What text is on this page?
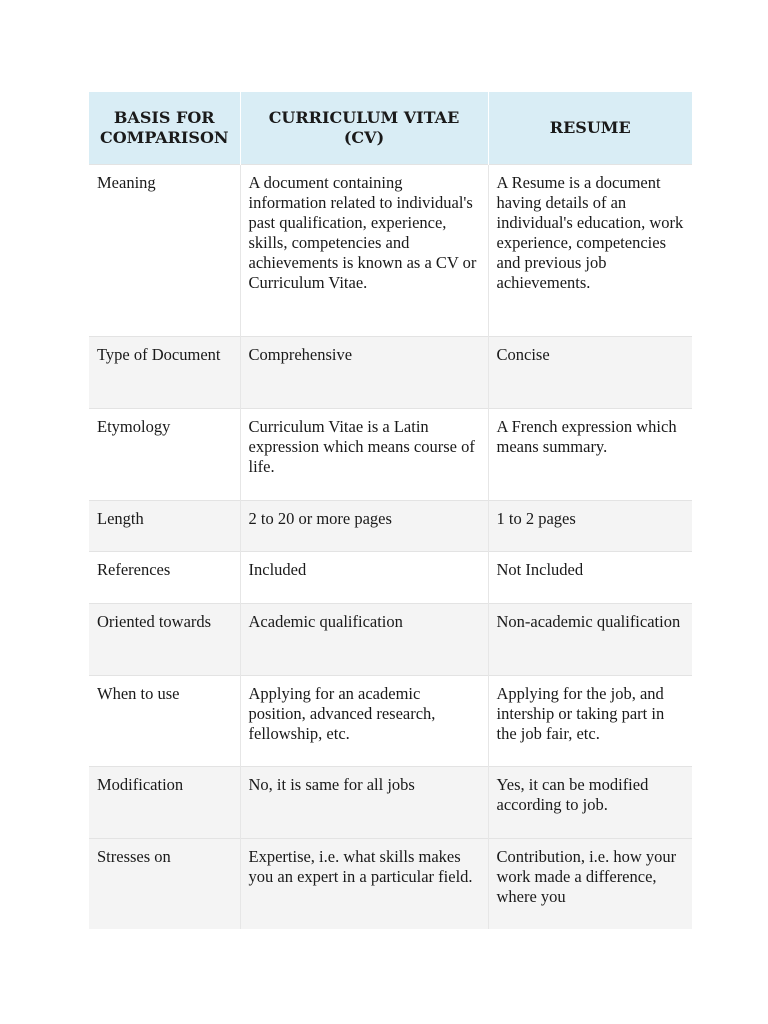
BASIS FOR COMPARISON	CURRICULUM VITAE (CV)	RESUME
Meaning	A document containing information related to individual's past qualification, experience, skills, competencies and achievements is known as a CV or Curriculum Vitae.	A Resume is a document having details of an individual's education, work experience, competencies and previous job achievements.
Type of Document	Comprehensive	Concise
Etymology	Curriculum Vitae is a Latin expression which means course of life.	A French expression which means summary.
Length	2 to 20 or more pages	1 to 2 pages
References	Included	Not Included
Oriented towards	Academic qualification	Non-academic qualification
When to use	Applying for an academic position, advanced research, fellowship, etc.	Applying for the job, and intership or taking part in the job fair, etc.
Modification	No, it is same for all jobs	Yes, it can be modified according to job.
Stresses on	Expertise, i.e. what skills makes you an expert in a particular field.	Contribution, i.e. how your work made a difference, where you
